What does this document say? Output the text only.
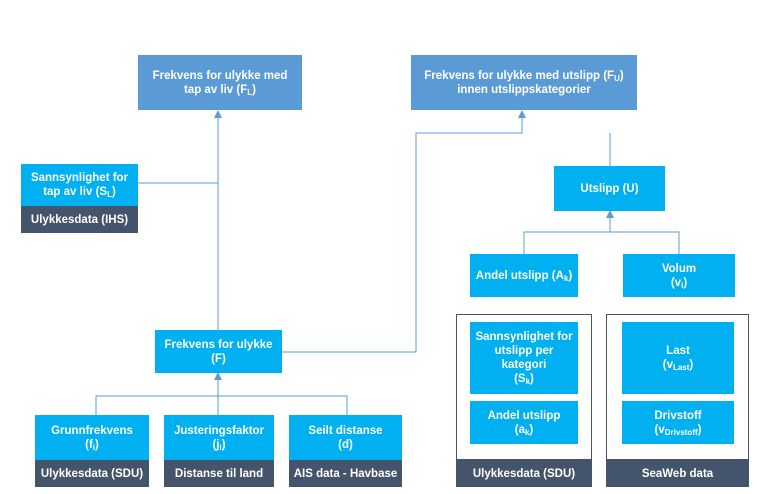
Frekvens for ulykke med
tap av liv $(F_L)$
Frekvens for ulykke med utslipp $(F_U)$
innen utslippskategorier
Sannsynlighet for
tap av liv $(S_L)$
Ulykkesdata (IHS)
Utslipp (U)
Andel utslipp $(A_k)$
Volum
$(v_i)$
Frekvens for ulykke
(F)
Sannsynlighet for
utslipp per
kategori
$(S_k)$
Andel utslipp
$(a_k)$
Ulykkesdata (SDU)
Last
$(v_{Last})$
Drivstoff
$(v_{Drivstoff})$
SeaWeb data
Grunnfrekvens
$(f_i)$
Ulykkesdata (SDU)
Justeringsfaktor
$(j_i)$
Distanse til land
Seilt distanse
(d)
AIS data - Havbase
